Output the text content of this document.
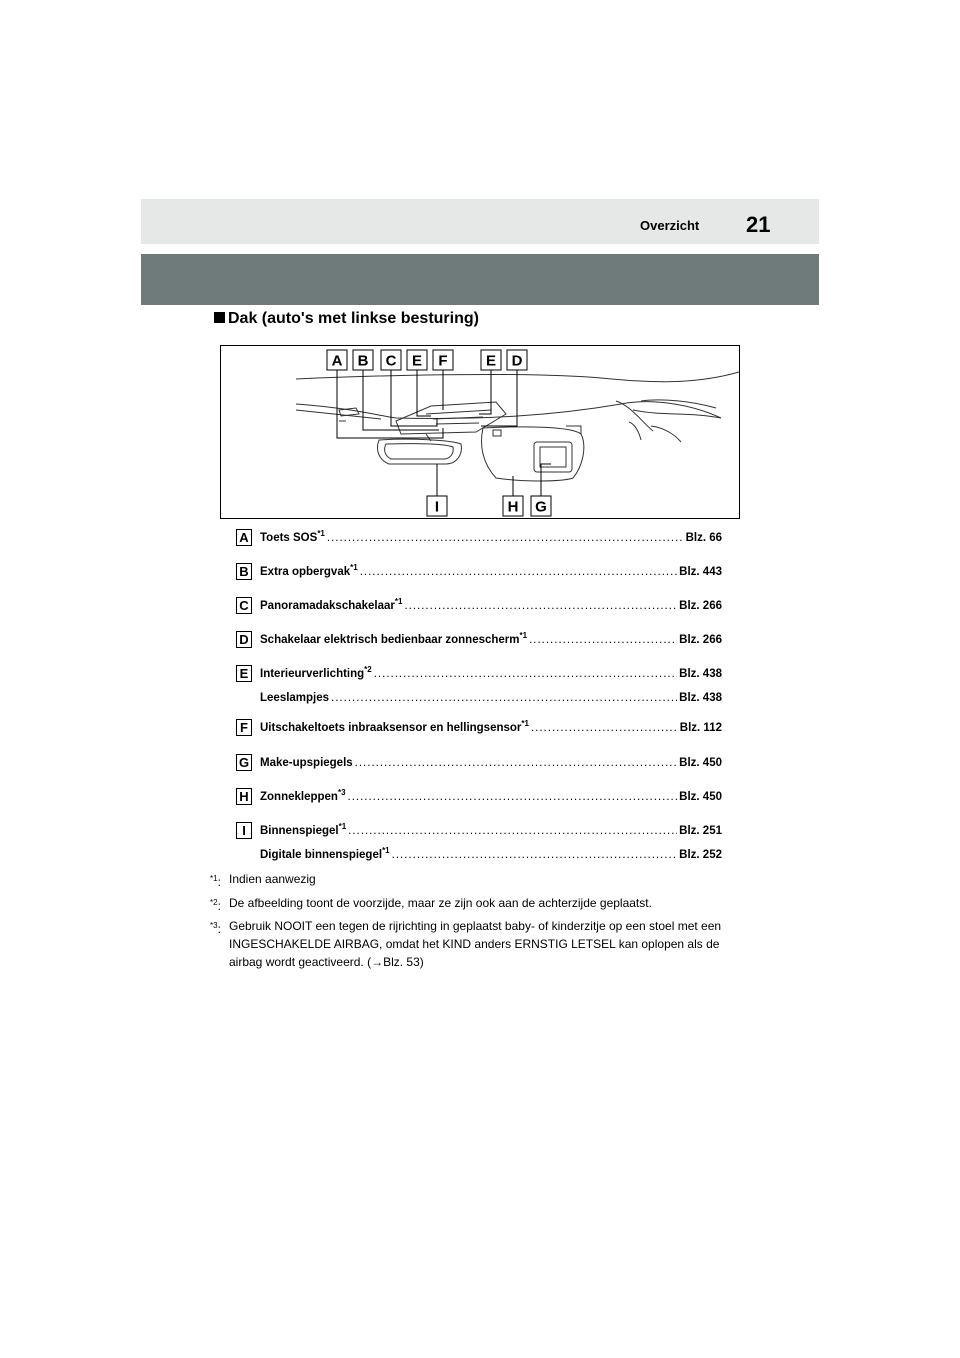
Overzicht 21
Dak (auto's met linkse besturing)
A B C E F	E D
I	H G
A Toets SOS$^{*1}$ .....	Blz. 66
B Extra opbergvak$^{*1}$ .....	Blz. 443
C Panoramadakschakelaar$^{*1}$ .....	Blz. 266
D Schakelaar elektrisch bedienbaar zonnescherm$^{*1}$ .....	Blz. 266
E	Interieurverlichting$^{*2}$ .....	Blz. 438
Leeslampjes .....	Blz. 438
F	Uitschakeltoets inbraaksensor en hellingsensor$^{*1}$ .....	Blz. 112
G Make-upspiegels .....	Blz. 450
H Zonnekleppen$^{*3}$ .....	Blz. 450
I	Binnenspiegel$^{*1}$ .....	Blz. 251
Digitale binnenspiegel$^{*1}$ .....	Blz. 252
$^{*1}$: Indien aanwezig
$^{*2}$: De afbeelding toont de voorzijde, maar ze zijn ook aan de achterzijde geplaatst.
$^{*3}$: Gebruik NOOIT een tegen de rijrichting in geplaatst baby- of kinderzitje op een stoel met een INGESCHAKELDE AIRBAG, omdat het KIND anders ERNSTIG LETSEL kan oplopen als de airbag wordt geactiveerd. (→Blz. 53)
